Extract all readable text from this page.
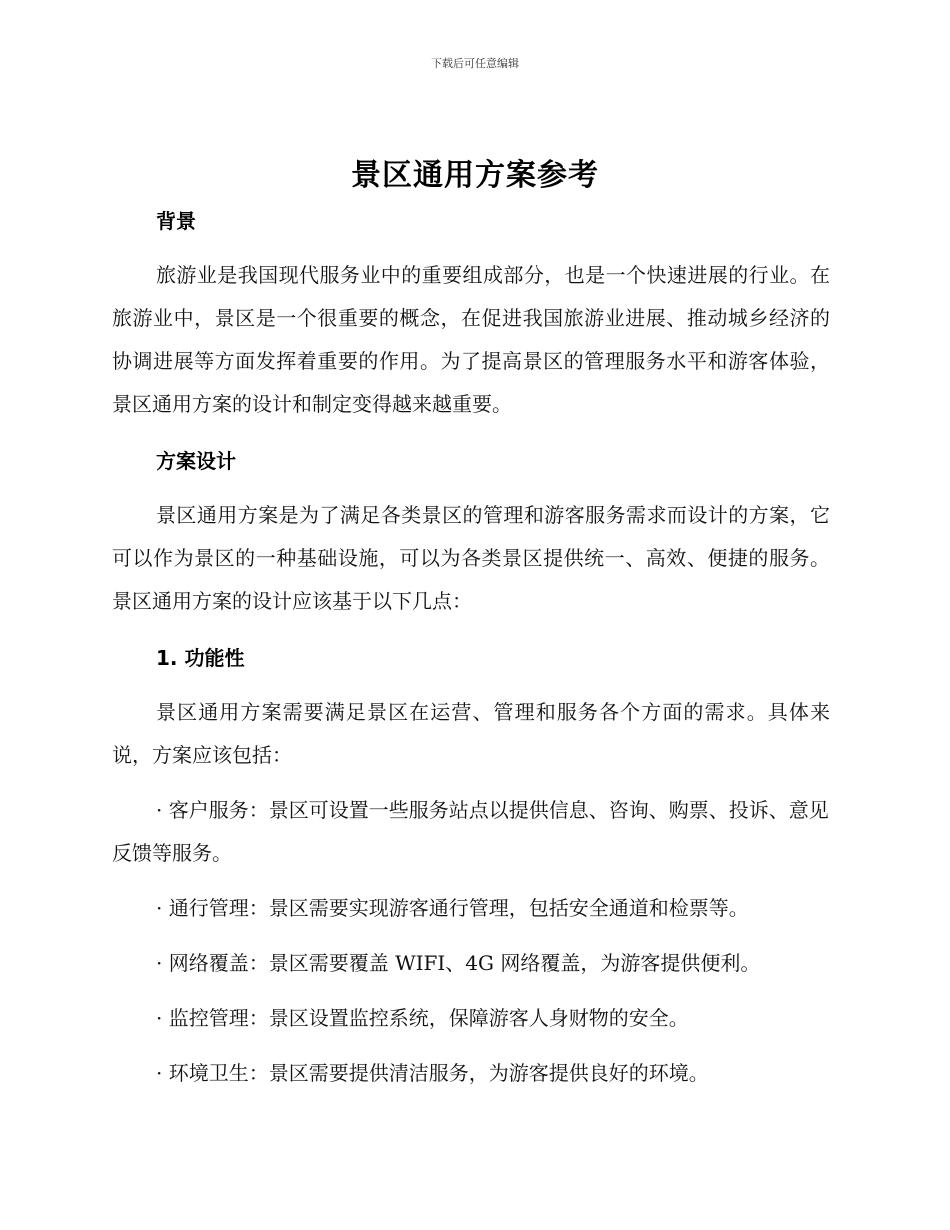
下载后可任意编辑
景区通用方案参考
背景

旅游业是我国现代服务业中的重要组成部分，也是一个快速进展的行业。在旅游业中，景区是一个很重要的概念，在促进我国旅游业进展、推动城乡经济的协调进展等方面发挥着重要的作用。为了提高景区的管理服务水平和游客体验，景区通用方案的设计和制定变得越来越重要。

方案设计

景区通用方案是为了满足各类景区的管理和游客服务需求而设计的方案，它可以作为景区的一种基础设施，可以为各类景区提供统一、高效、便捷的服务。景区通用方案的设计应该基于以下几点：

1. 功能性

景区通用方案需要满足景区在运营、管理和服务各个方面的需求。具体来说，方案应该包括：

· 客户服务：景区可设置一些服务站点以提供信息、咨询、购票、投诉、意见反馈等服务。

· 通行管理：景区需要实现游客通行管理，包括安全通道和检票等。

· 网络覆盖：景区需要覆盖 WIFI、4G 网络覆盖，为游客提供便利。

· 监控管理：景区设置监控系统，保障游客人身财物的安全。

· 环境卫生：景区需要提供清洁服务，为游客提供良好的环境。
